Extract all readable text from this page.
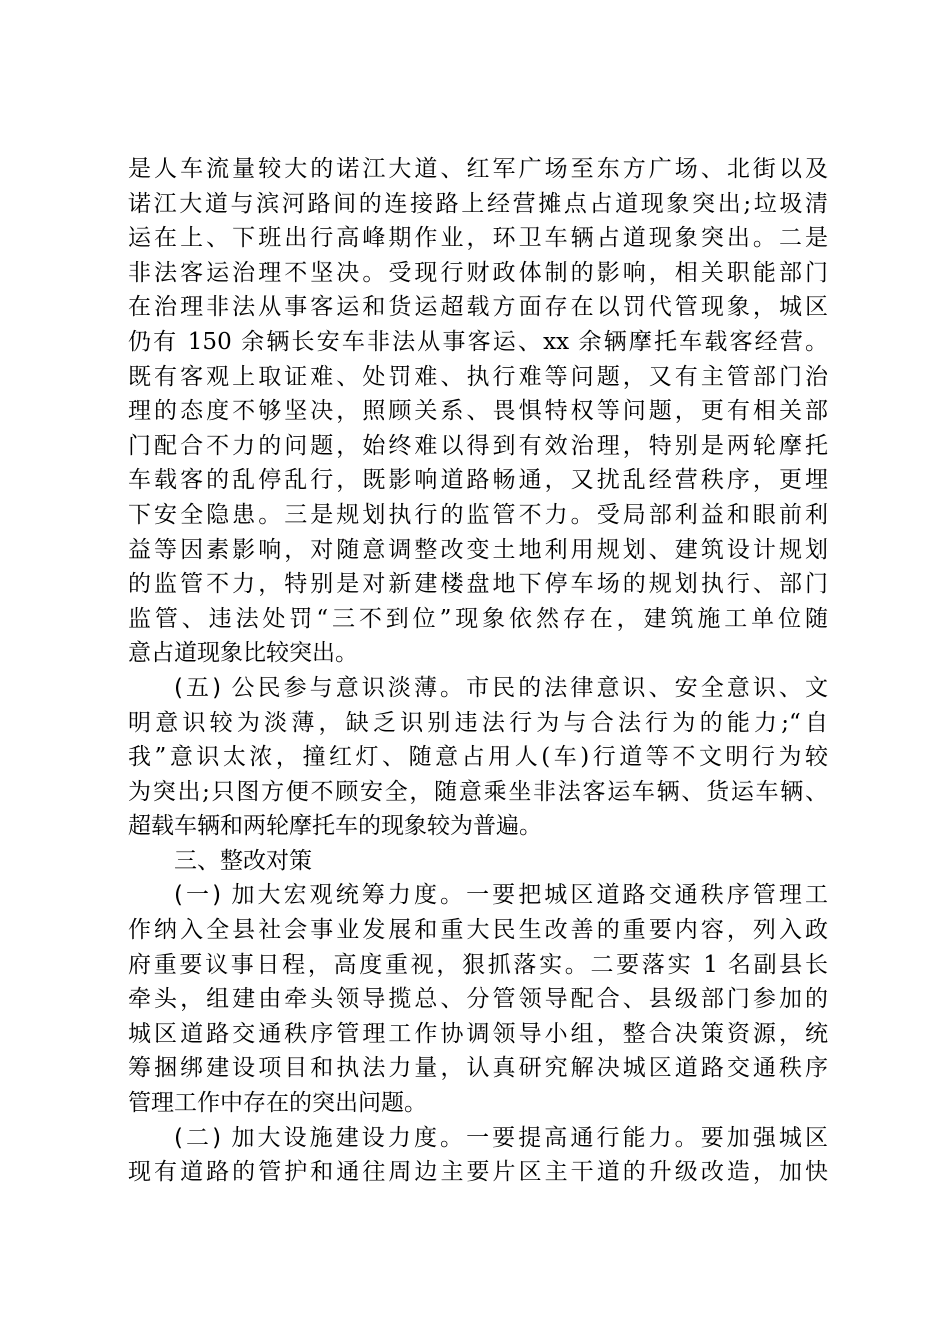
是人车流量较大的诺江大道、红军广场至东方广场、北街以及
诺江大道与滨河路间的连接路上经营摊点占道现象突出;垃圾清
运在上、下班出行高峰期作业，环卫车辆占道现象突出。二是
非法客运治理不坚决。受现行财政体制的影响，相关职能部门
在治理非法从事客运和货运超载方面存在以罚代管现象，城区
仍有 150 余辆长安车非法从事客运、xx 余辆摩托车载客经营。
既有客观上取证难、处罚难、执行难等问题，又有主管部门治
理的态度不够坚决，照顾关系、畏惧特权等问题，更有相关部
门配合不力的问题，始终难以得到有效治理，特别是两轮摩托
车载客的乱停乱行，既影响道路畅通，又扰乱经营秩序，更埋
下安全隐患。三是规划执行的监管不力。受局部利益和眼前利
益等因素影响，对随意调整改变土地利用规划、建筑设计规划
的监管不力，特别是对新建楼盘地下停车场的规划执行、部门
监管、违法处罚“三不到位”现象依然存在，建筑施工单位随
意占道现象比较突出。
(五) 公民参与意识淡薄。市民的法律意识、安全意识、文
明意识较为淡薄，缺乏识别违法行为与合法行为的能力;“自
我”意识太浓，撞红灯、随意占用人(车)行道等不文明行为较
为突出;只图方便不顾安全，随意乘坐非法客运车辆、货运车辆、
超载车辆和两轮摩托车的现象较为普遍。
三、整改对策
(一) 加大宏观统筹力度。一要把城区道路交通秩序管理工
作纳入全县社会事业发展和重大民生改善的重要内容，列入政
府重要议事日程，高度重视，狠抓落实。二要落实 1 名副县长
牵头，组建由牵头领导揽总、分管领导配合、县级部门参加的
城区道路交通秩序管理工作协调领导小组，整合决策资源，统
筹捆绑建设项目和执法力量，认真研究解决城区道路交通秩序
管理工作中存在的突出问题。
(二) 加大设施建设力度。一要提高通行能力。要加强城区
现有道路的管护和通往周边主要片区主干道的升级改造，加快
